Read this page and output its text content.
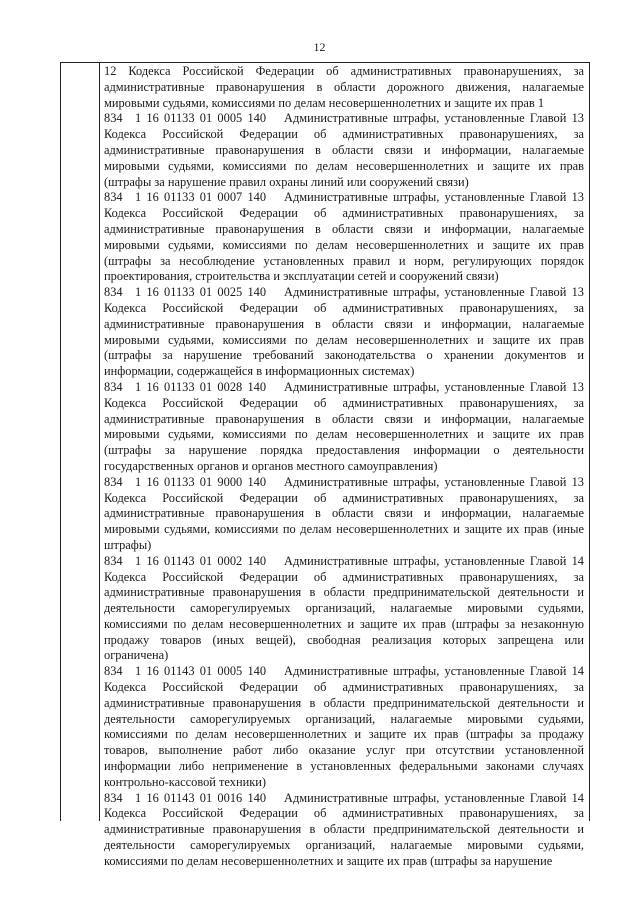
12

12 Кодекса Российской Федерации об административных правонарушениях, за административные правонарушения в области дорожного движения, налагаемые мировыми судьями, комиссиями по делам несовершеннолетних и защите их прав 1

834  1 16 01133 01 0005 140 Административные штрафы, установленные Главой 13 Кодекса Российской Федерации об административных правонарушениях, за административные правонарушения в области связи и информации, налагаемые мировыми судьями, комиссиями по делам несовершеннолетних и защите их прав (штрафы за нарушение правил охраны линий или сооружений связи)

834  1 16 01133 01 0007 140 Административные штрафы, установленные Главой 13 Кодекса Российской Федерации об административных правонарушениях, за административные правонарушения в области связи и информации, налагаемые мировыми судьями, комиссиями по делам несовершеннолетних и защите их прав (штрафы за несоблюдение установленных правил и норм, регулирующих порядок проектирования, строительства и эксплуатации сетей и сооружений связи)

834  1 16 01133 01 0025 140 Административные штрафы, установленные Главой 13 Кодекса Российской Федерации об административных правонарушениях, за административные правонарушения в области связи и информации, налагаемые мировыми судьями, комиссиями по делам несовершеннолетних и защите их прав (штрафы за нарушение требований законодательства о хранении документов и информации, содержащейся в информационных системах)

834  1 16 01133 01 0028 140 Административные штрафы, установленные Главой 13 Кодекса Российской Федерации об административных правонарушениях, за административные правонарушения в области связи и информации, налагаемые мировыми судьями, комиссиями по делам несовершеннолетних и защите их прав (штрафы за нарушение порядка предоставления информации о деятельности государственных органов и органов местного самоуправления)

834  1 16 01133 01 9000 140 Административные штрафы, установленные Главой 13 Кодекса Российской Федерации об административных правонарушениях, за административные правонарушения в области связи и информации, налагаемые мировыми судьями, комиссиями по делам несовершеннолетних и защите их прав (иные штрафы)

834  1 16 01143 01 0002 140 Административные штрафы, установленные Главой 14 Кодекса Российской Федерации об административных правонарушениях, за административные правонарушения в области предпринимательской деятельности и деятельности саморегулируемых организаций, налагаемые мировыми судьями, комиссиями по делам несовершеннолетних и защите их прав (штрафы за незаконную продажу товаров (иных вещей), свободная реализация которых запрещена или ограничена)

834  1 16 01143 01 0005 140 Административные штрафы, установленные Главой 14 Кодекса Российской Федерации об административных правонарушениях, за административные правонарушения в области предпринимательской деятельности и деятельности саморегулируемых организаций, налагаемые мировыми судьями, комиссиями по делам несовершеннолетних и защите их прав (штрафы за продажу товаров, выполнение работ либо оказание услуг при отсутствии установленной информации либо неприменение в установленных федеральными законами случаях контрольно-кассовой техники)

834  1 16 01143 01 0016 140 Административные штрафы, установленные Главой 14 Кодекса Российской Федерации об административных правонарушениях, за административные правонарушения в области предпринимательской деятельности и деятельности саморегулируемых организаций, налагаемые мировыми судьями, комиссиями по делам несовершеннолетних и защите их прав (штрафы за нарушение
